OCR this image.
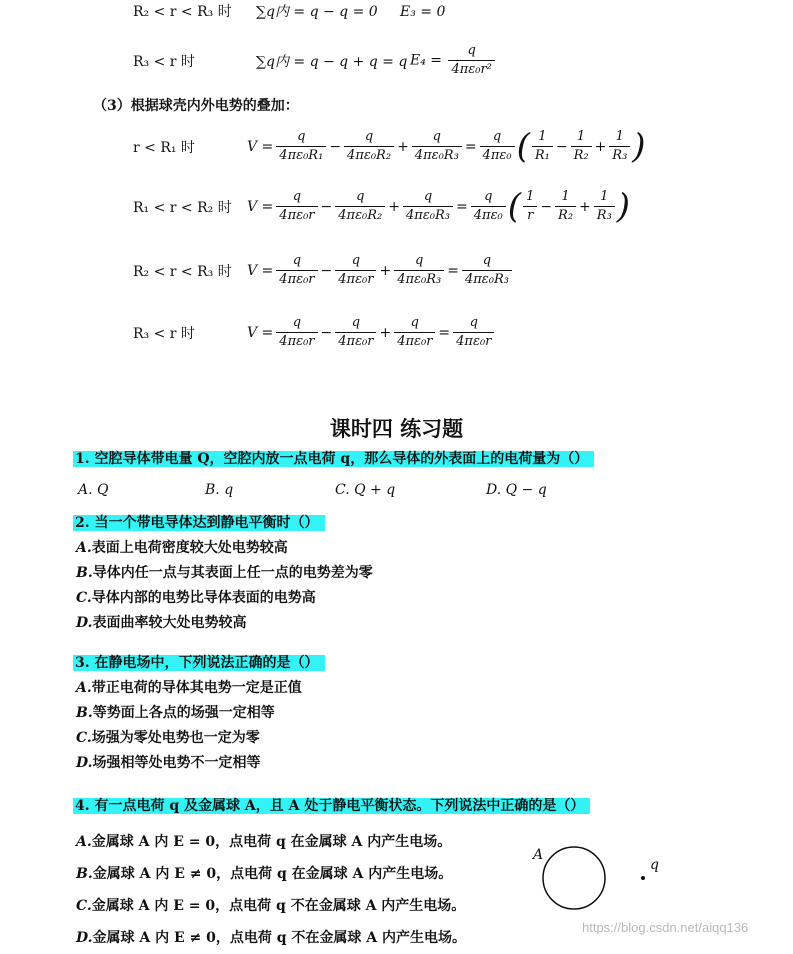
R₂ < r < R₃ 时 ∑q内 = q − q = 0 E₃ = 0
R₃ < r 时	∑q内 = q − q + q = q $E_4 = \frac{q}{\text{4πε₀r²}}$
（3）根据球壳内外电势的叠加：
r < R₁ 时	$V = \frac{q}{\text{4πε₀R₁}} - \frac{q}{\text{4πε₀R₂}} + \frac{q}{\text{4πε₀R₃}} = \frac{q}{\text{4πε₀}}$ ( $\frac{1}{\text{R₁}} - \frac{1}{\text{R₂}} + \frac{1}{\text{R₃}}$ )
R₁ < r < R₂ 时 $V = \frac{q}{\text{4πε₀r}} - \frac{q}{\text{4πε₀R₂}} + \frac{q}{\text{4πε₀R₃}} = \frac{q}{\text{4πε₀}}$ ( $\frac{1}{r} - \frac{1}{\text{R₂}} + \frac{1}{\text{R₃}}$ )
R₂ < r < R₃ 时 $V = \frac{q}{\text{4πε₀r}} - \frac{q}{\text{4πε₀r}} + \frac{q}{\text{4πε₀R₃}} = \frac{q}{\text{4πε₀R₃}}$
R₃ < r 时	$V = \frac{q}{\text{4πε₀r}} - \frac{q}{\text{4πε₀r}} + \frac{q}{\text{4πε₀r}} = \frac{q}{\text{4πε₀r}}$
课时四 练习题
1. 空腔导体带电量 Q，空腔内放一点电荷 q，那么导体的外表面上的电荷量为（）
A. Q	B. q	C. Q + q	D. Q − q
2. 当一个带电导体达到静电平衡时（）
A.表面上电荷密度较大处电势较高
B.导体内任一点与其表面上任一点的电势差为零
C.导体内部的电势比导体表面的电势高
D.表面曲率较大处电势较高
3. 在静电场中，下列说法正确的是（）
A.带正电荷的导体其电势一定是正值
B.等势面上各点的场强一定相等
C.场强为零处电势也一定为零
D.场强相等处电势不一定相等
4. 有一点电荷 q 及金属球 A，且 A 处于静电平衡状态。下列说法中正确的是（）
A.金属球 A 内 E = 0，点电荷 q 在金属球 A 内产生电场。
B.金属球 A 内 E ≠ 0，点电荷 q 在金属球 A 内产生电场。
C.金属球 A 内 E = 0，点电荷 q 不在金属球 A 内产生电场。
D.金属球 A 内 E ≠ 0，点电荷 q 不在金属球 A 内产生电场。
A
q
https://blog.csdn.net/aiqq136
